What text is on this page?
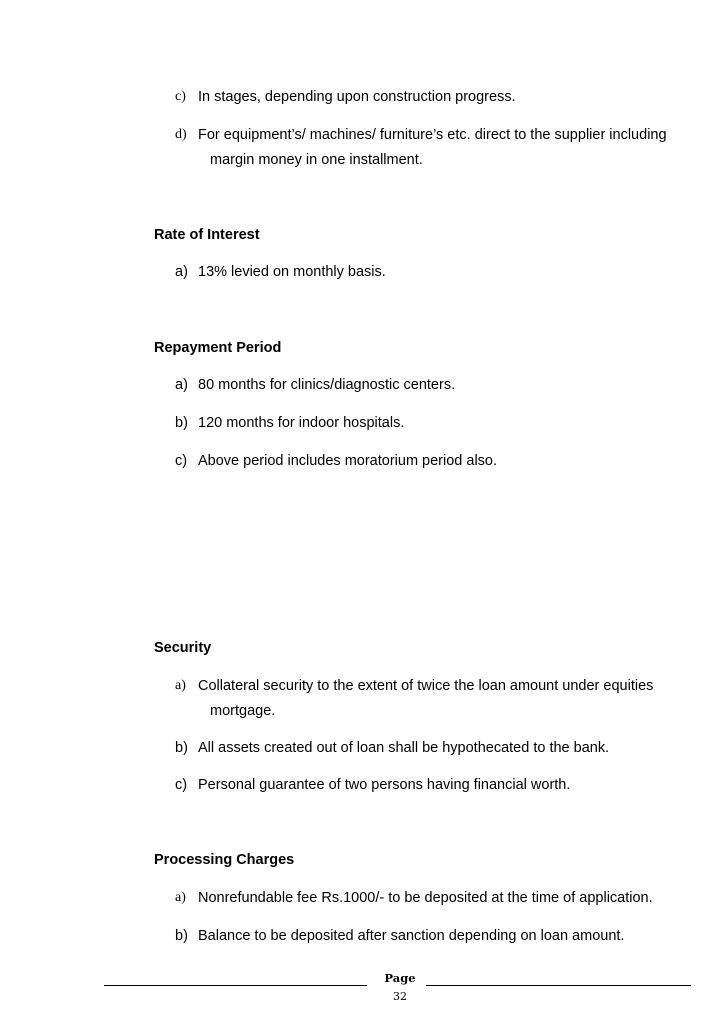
c) In stages, depending upon construction progress.
d) For equipment’s/ machines/ furniture’s etc. direct to the supplier including
margin money in one installment.
Rate of Interest
a) 13% levied on monthly basis.
Repayment Period
a) 80 months for clinics/diagnostic centers.
b) 120 months for indoor hospitals.
c) Above period includes moratorium period also.
Security
a) Collateral security to the extent of twice the loan amount under equities
mortgage.
b) All assets created out of loan shall be hypothecated to the bank.
c) Personal guarantee of two persons having financial worth.
Processing Charges
a) Nonrefundable fee Rs.1000/- to be deposited at the time of application.
b) Balance to be deposited after sanction depending on loan amount.
Page
32
